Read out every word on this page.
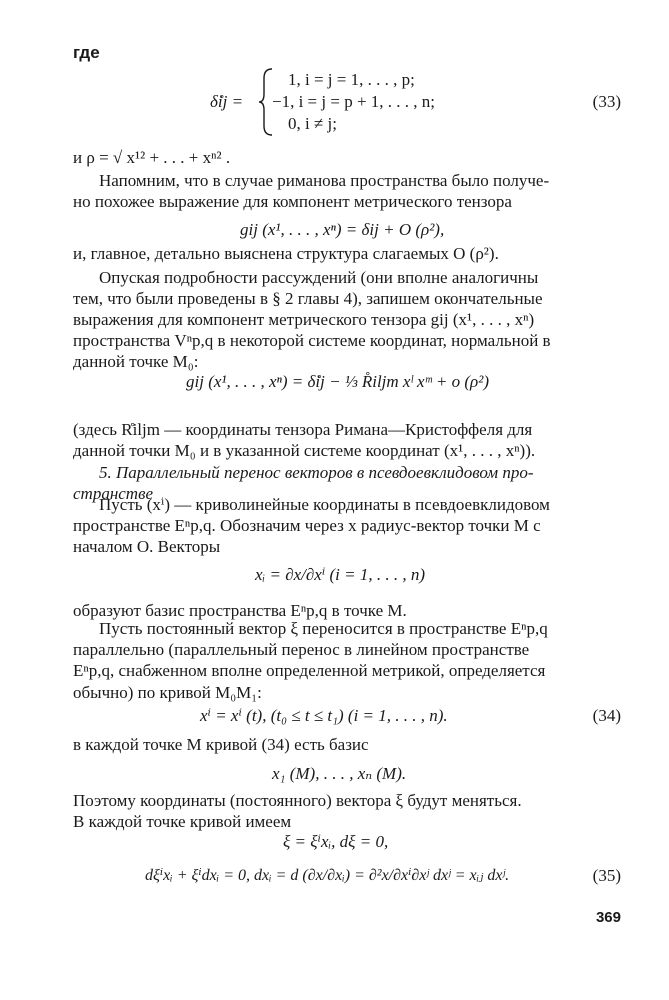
где
δ̊ij =
1, i = j = 1, . . . , p;
−1, i = j = p + 1, . . . , n;
0, i ≠ j;
(33)
и ρ = √ x¹² + . . . + xⁿ² .
Напомним, что в случае риманова пространства было получе-
но похожее выражение для компонент метрического тензора
gij (x¹, . . . , xⁿ) = δij + O (ρ²),
и, главное, детально выяснена структура слагаемых O (ρ²).
Опуская подробности рассуждений (они вполне аналогичны
тем, что были проведены в § 2 главы 4), запишем окончательные
выражения для компонент метрического тензора gij (x¹, . . . , xⁿ)
пространства Vⁿp,q в некоторой системе координат, нормальной в
данной точке M₀:
gij (x¹, . . . , xⁿ) = δ̊ij − ⅓ R̊iljm xˡ xᵐ + o (ρ²)
(здесь R̊iljm — координаты тензора Римана—Кристоффеля для
данной точки M₀ и в указанной системе координат (x¹, . . . , xⁿ)).
5. Параллельный перенос векторов в псевдоевклидовом про-
странстве
Пусть (xⁱ) — криволинейные координаты в псевдоевклидовом
пространстве Eⁿp,q. Обозначим через x радиус-вектор точки M с
началом O. Векторы
xᵢ = ∂x/∂xⁱ (i = 1, . . . , n)
образуют базис пространства Eⁿp,q в точке M.
Пусть постоянный вектор ξ переносится в пространстве Eⁿp,q
параллельно (параллельный перенос в линейном пространстве
Eⁿp,q, снабженном вполне определенной метрикой, определяется
обычно) по кривой M₀M₁:
xⁱ = xⁱ (t), (t₀ ≤ t ≤ t₁) (i = 1, . . . , n).	(34)
в каждой точке M кривой (34) есть базис
x₁ (M), . . . , xₙ (M).
Поэтому координаты (постоянного) вектора ξ будут меняться.
В каждой точке кривой имеем
ξ = ξⁱxᵢ, dξ = 0,
dξⁱxᵢ + ξⁱdxᵢ = 0, dxᵢ = d (∂x/∂xᵢ) = ∂²x/∂xⁱ∂xʲ dxʲ = xᵢⱼ dxʲ.	(35)
369
